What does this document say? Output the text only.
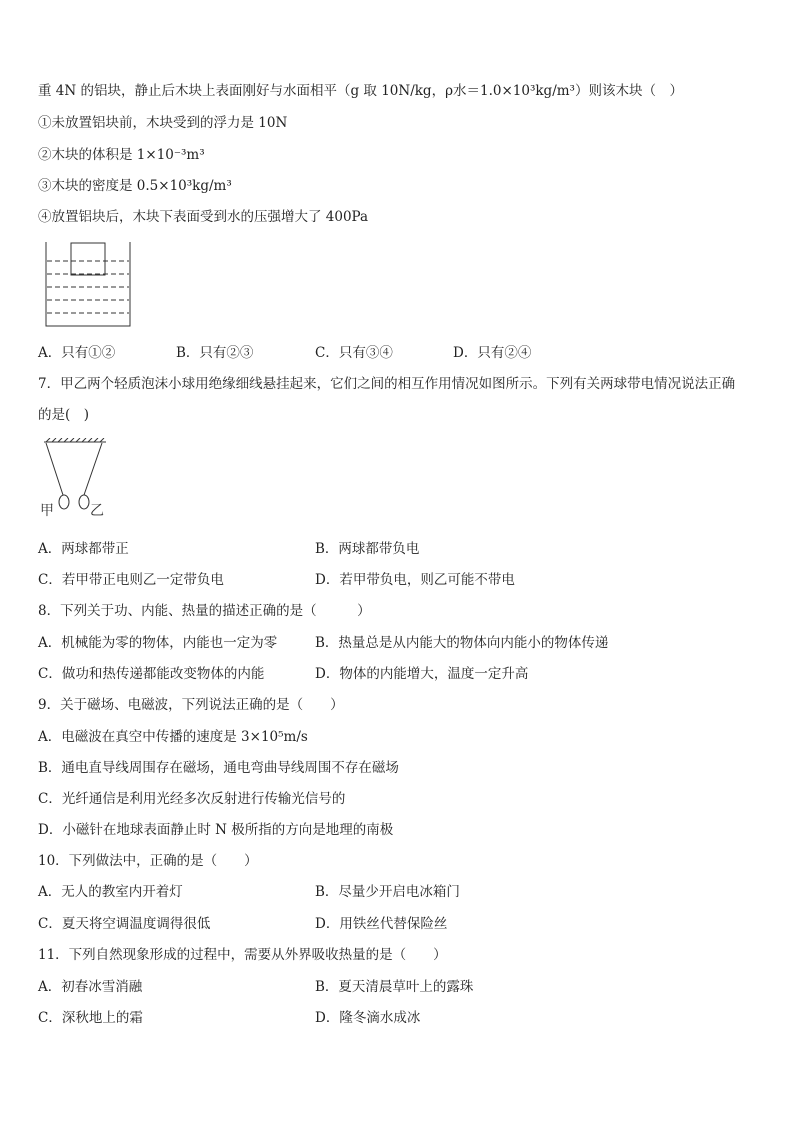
重 4N 的铝块，静止后木块上表面刚好与水面相平（g 取 10N/kg，ρ水＝1.0×10³kg/m³）则该木块（　）
①未放置铝块前，木块受到的浮力是 10N
②木块的体积是 1×10⁻³m³
③木块的密度是 0.5×10³kg/m³
④放置铝块后，木块下表面受到水的压强增大了 400Pa
A．只有①②	B．只有②③	C．只有③④	D．只有②④
7．甲乙两个轻质泡沫小球用绝缘细线悬挂起来，它们之间的相互作用情况如图所示。下列有关两球带电情况说法正确
的是(　)
甲	乙
A．两球都带正	B．两球都带负电
C．若甲带正电则乙一定带负电	D．若甲带负电，则乙可能不带电
8．下列关于功、内能、热量的描述正确的是（　　　）
A．机械能为零的物体，内能也一定为零	B．热量总是从内能大的物体向内能小的物体传递
C．做功和热传递都能改变物体的内能	D．物体的内能增大，温度一定升高
9．关于磁场、电磁波，下列说法正确的是（　　）
A．电磁波在真空中传播的速度是 3×10⁵m/s
B．通电直导线周围存在磁场，通电弯曲导线周围不存在磁场
C．光纤通信是利用光经多次反射进行传输光信号的
D．小磁针在地球表面静止时 N 极所指的方向是地理的南极
10．下列做法中，正确的是（　　）
A．无人的教室内开着灯	B．尽量少开启电冰箱门
C．夏天将空调温度调得很低	D．用铁丝代替保险丝
11．下列自然现象形成的过程中，需要从外界吸收热量的是（　　）
A．初春冰雪消融	B．夏天清晨草叶上的露珠
C．深秋地上的霜	D．隆冬滴水成冰
